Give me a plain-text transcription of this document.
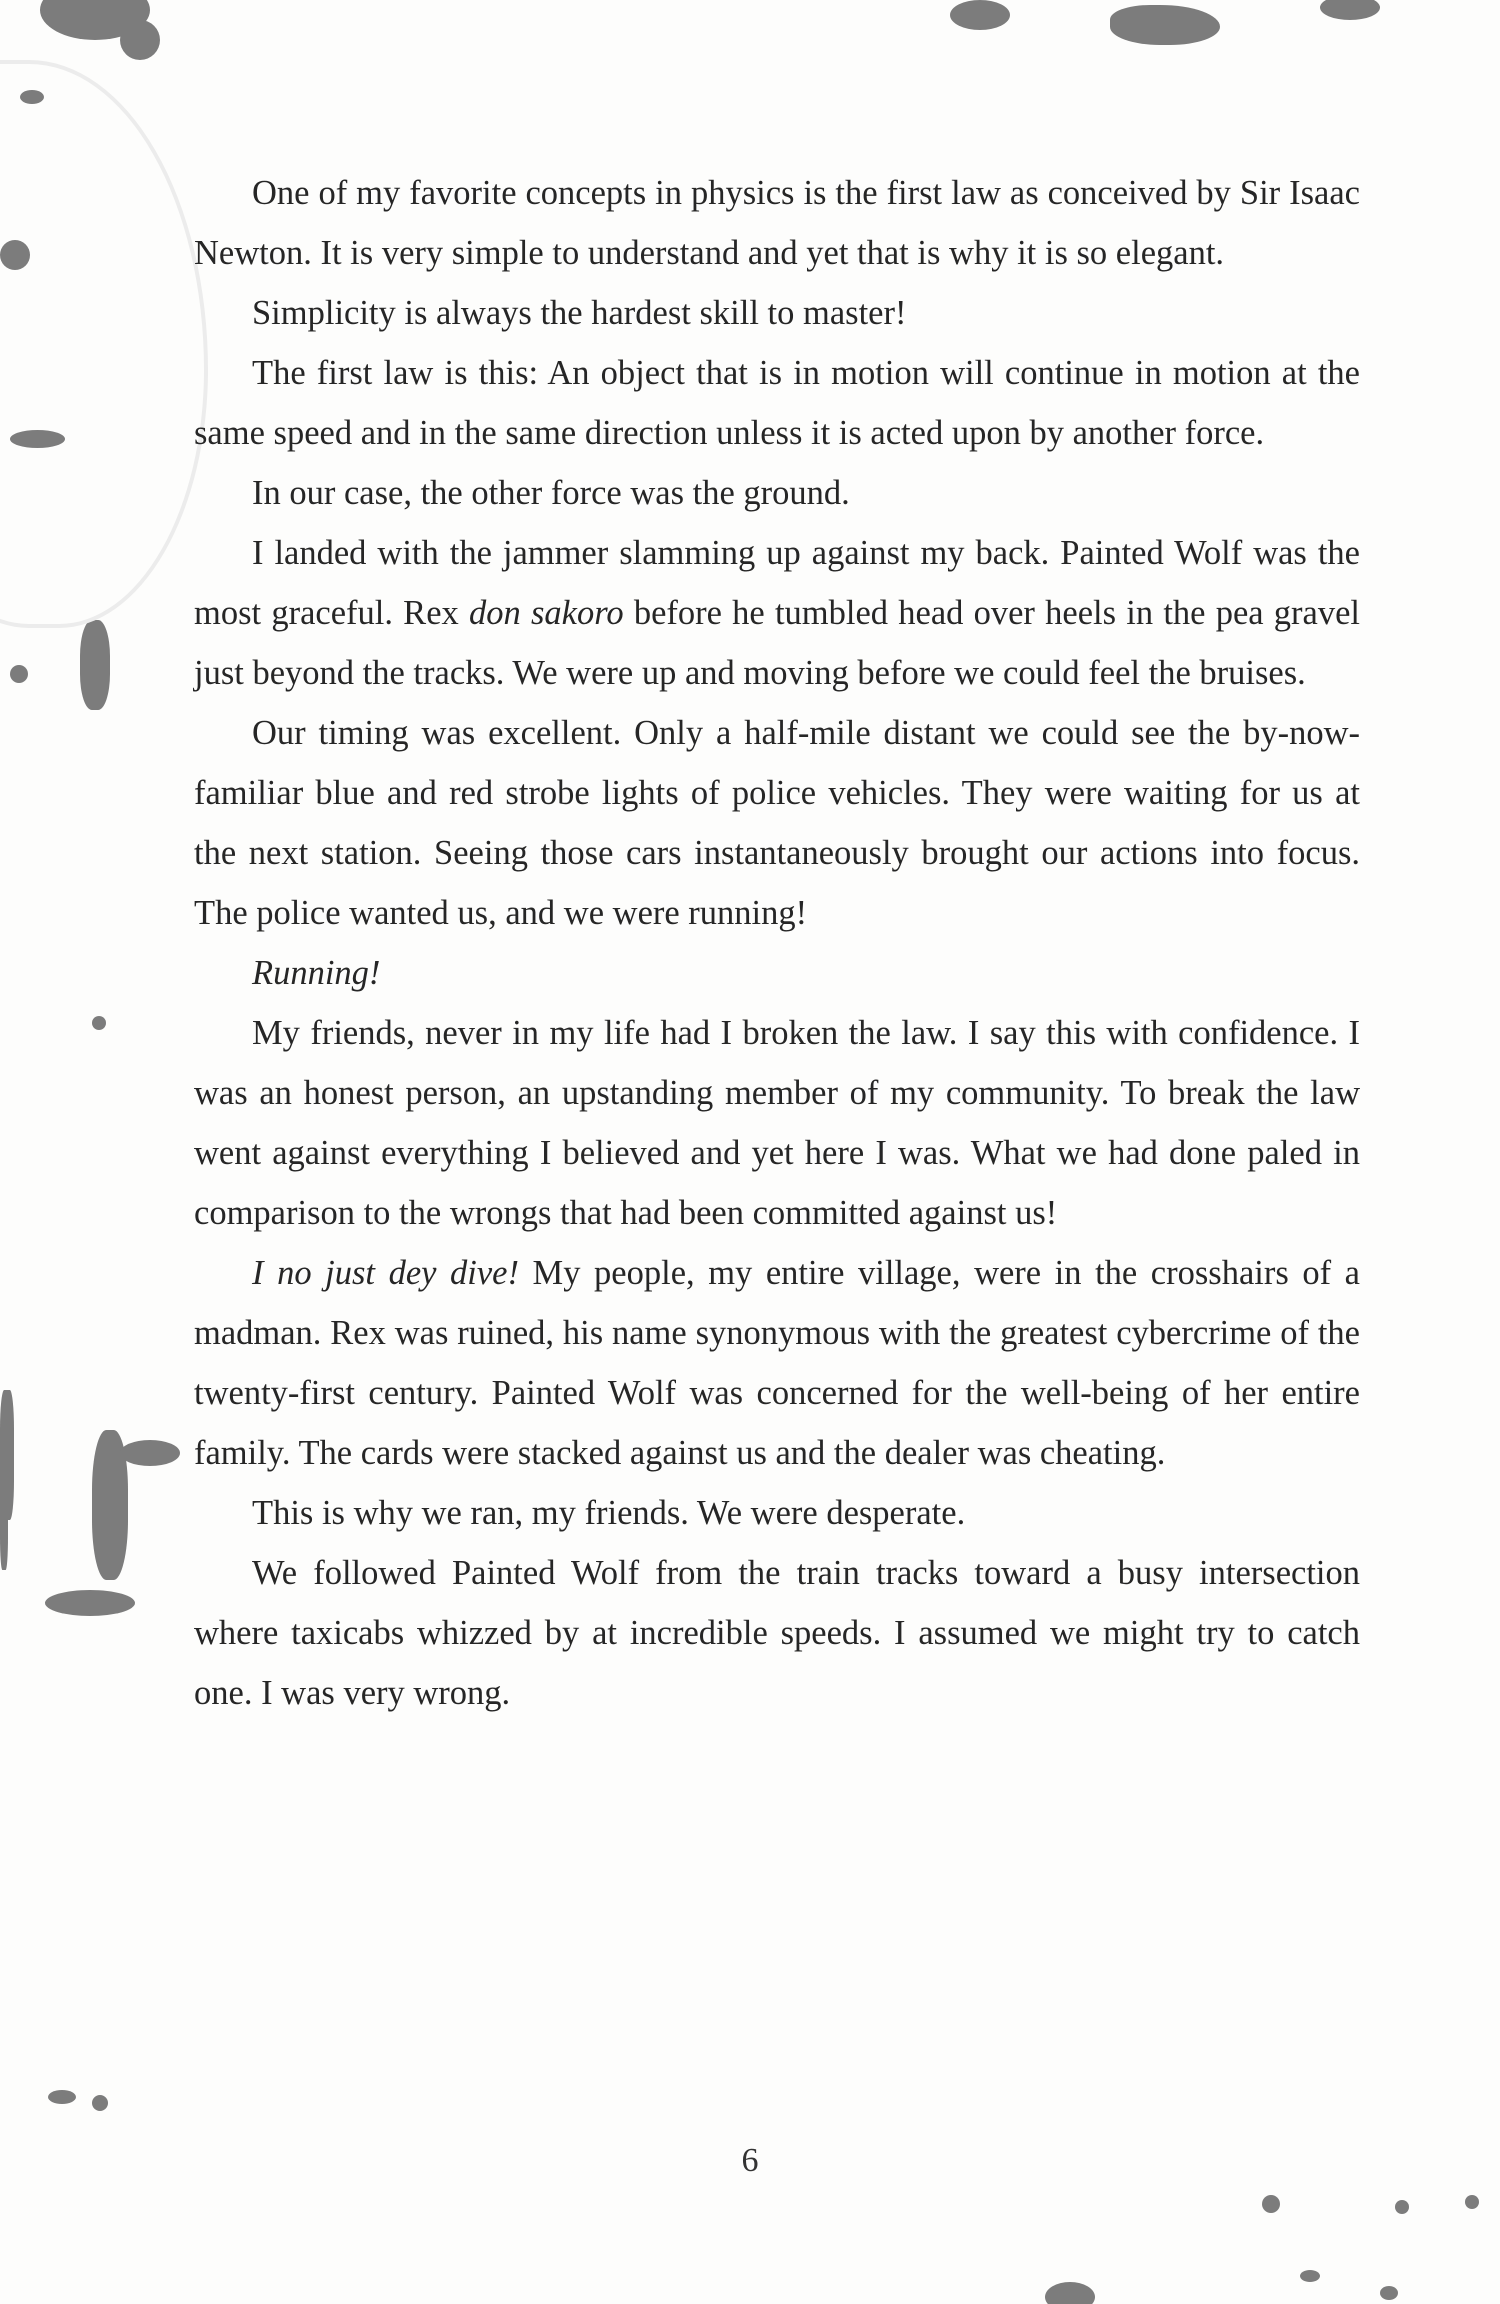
One of my favorite concepts in physics is the first law as conceived by Sir Isaac Newton. It is very simple to understand and yet that is why it is so elegant.

Simplicity is always the hardest skill to master!

The first law is this: An object that is in motion will continue in motion at the same speed and in the same direction unless it is acted upon by another force.

In our case, the other force was the ground.

I landed with the jammer slamming up against my back. Painted Wolf was the most graceful. Rex don sakoro before he tumbled head over heels in the pea gravel just beyond the tracks. We were up and moving before we could feel the bruises.

Our timing was excellent. Only a half-mile distant we could see the by-now-familiar blue and red strobe lights of police vehicles. They were waiting for us at the next station. Seeing those cars instantaneously brought our actions into focus. The police wanted us, and we were running!

Running!

My friends, never in my life had I broken the law. I say this with confidence. I was an honest person, an upstanding member of my community. To break the law went against everything I believed and yet here I was. What we had done paled in comparison to the wrongs that had been committed against us!

I no just dey dive! My people, my entire village, were in the crosshairs of a madman. Rex was ruined, his name synonymous with the greatest cybercrime of the twenty-first century. Painted Wolf was concerned for the well-being of her entire family. The cards were stacked against us and the dealer was cheating.

This is why we ran, my friends. We were desperate.

We followed Painted Wolf from the train tracks toward a busy intersection where taxicabs whizzed by at incredible speeds. I assumed we might try to catch one. I was very wrong.

6
